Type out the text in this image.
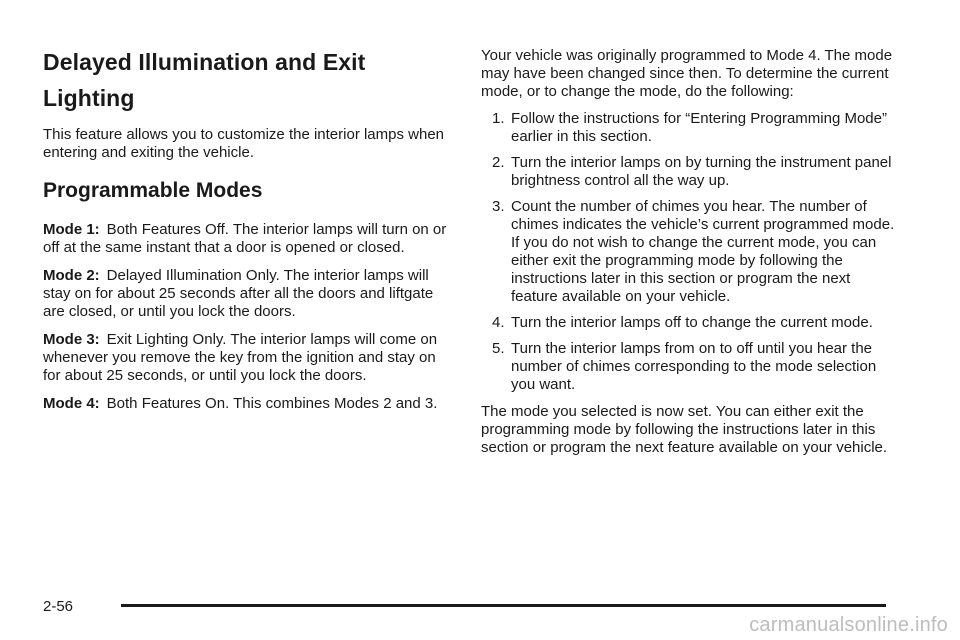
Delayed Illumination and Exit
Lighting

This feature allows you to customize the interior lamps when entering and exiting the vehicle.

Programmable Modes

Mode 1: Both Features Off. The interior lamps will turn on or off at the same instant that a door is opened or closed.

Mode 2: Delayed Illumination Only. The interior lamps will stay on for about 25 seconds after all the doors and liftgate are closed, or until you lock the doors.

Mode 3: Exit Lighting Only. The interior lamps will come on whenever you remove the key from the ignition and stay on for about 25 seconds, or until you lock the doors.

Mode 4: Both Features On. This combines Modes 2 and 3.

Your vehicle was originally programmed to Mode 4. The mode may have been changed since then. To determine the current mode, or to change the mode, do the following:

1 . Follow the instructions for “Entering Programming Mode” earlier in this section.
2 . Turn the interior lamps on by turning the instrument panel brightness control all the way up.
3 . Count the number of chimes you hear. The number of chimes indicates the vehicle’s current programmed mode. If you do not wish to change the current mode, you can either exit the programming mode by following the instructions later in this section or program the next feature available on your vehicle.
4 . Turn the interior lamps off to change the current mode.
5 . Turn the interior lamps from on to off until you hear the number of chimes corresponding to the mode selection you want.

The mode you selected is now set. You can either exit the programming mode by following the instructions later in this section or program the next feature available on your vehicle.

2-56
carmanualsonline.info
